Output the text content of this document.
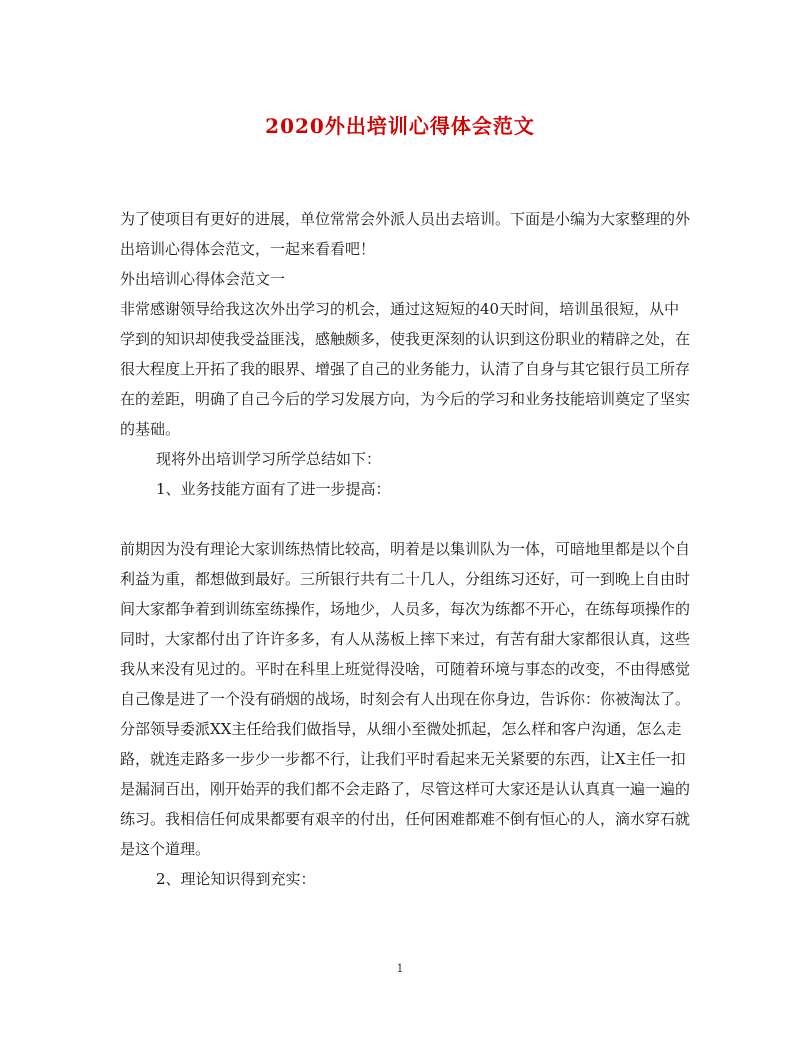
2020外出培训心得体会范文

为了使项目有更好的进展，单位常常会外派人员出去培训。下面是小编为大家整理的外出培训心得体会范文，一起来看看吧！

外出培训心得体会范文一

非常感谢领导给我这次外出学习的机会，通过这短短的40天时间，培训虽很短，从中学到的知识却使我受益匪浅，感触颇多，使我更深刻的认识到这份职业的精辟之处，在很大程度上开拓了我的眼界、增强了自己的业务能力，认清了自身与其它银行员工所存在的差距，明确了自己今后的学习发展方向，为今后的学习和业务技能培训奠定了坚实的基础。

现将外出培训学习所学总结如下：

1、业务技能方面有了进一步提高：

前期因为没有理论大家训练热情比较高，明着是以集训队为一体，可暗地里都是以个自利益为重，都想做到最好。三所银行共有二十几人，分组练习还好，可一到晚上自由时间大家都争着到训练室练操作，场地少，人员多，每次为练都不开心，在练每项操作的同时，大家都付出了许许多多，有人从荡板上摔下来过，有苦有甜大家都很认真，这些我从来没有见过的。平时在科里上班觉得没啥，可随着环境与事态的改变，不由得感觉自己像是进了一个没有硝烟的战场，时刻会有人出现在你身边，告诉你：你被淘汰了。分部领导委派XX主任给我们做指导，从细小至微处抓起，怎么样和客户沟通，怎么走路，就连走路多一步少一步都不行，让我们平时看起来无关紧要的东西，让X主任一扣是漏洞百出，刚开始弄的我们都不会走路了，尽管这样可大家还是认认真真一遍一遍的练习。我相信任何成果都要有艰辛的付出，任何困难都难不倒有恒心的人，滴水穿石就是这个道理。

2、理论知识得到充实：

1
